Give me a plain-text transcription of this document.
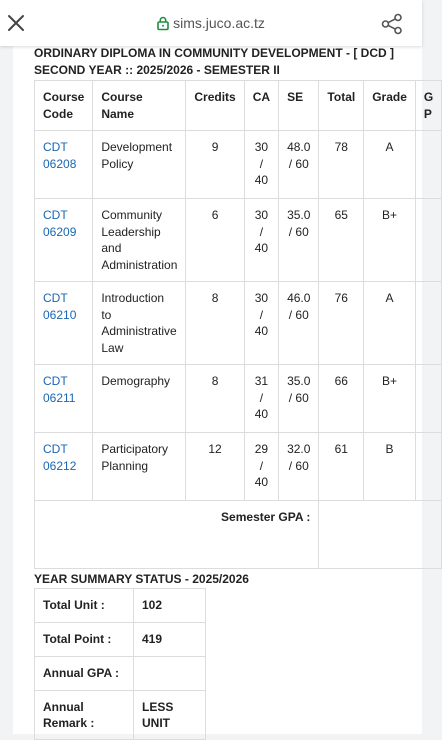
sims.juco.ac.tz
ORDINARY DIPLOMA IN COMMUNITY DEVELOPMENT - [ DCD ]
SECOND YEAR :: 2025/2026 - SEMESTER II
Course Code	Course Name	Credits	CA	SE	Total	Grade	G P
CDT 06208	Development Policy	9	30 / 40	48.0 / 60	78	A	
CDT 06209	Community Leadership and Administration	6	30 / 40	35.0 / 60	65	B+	
CDT 06210	Introduction to Administrative Law	8	30 / 40	46.0 / 60	76	A	
CDT 06211	Demography	8	31 / 40	35.0 / 60	66	B+	
CDT 06212	Participatory Planning	12	29 / 40	32.0 / 60	61	B	
Semester GPA :							
YEAR SUMMARY STATUS - 2025/2026
Total Unit :	102
Total Point :	419
Annual GPA :	
Annual Remark :	LESS UNIT
